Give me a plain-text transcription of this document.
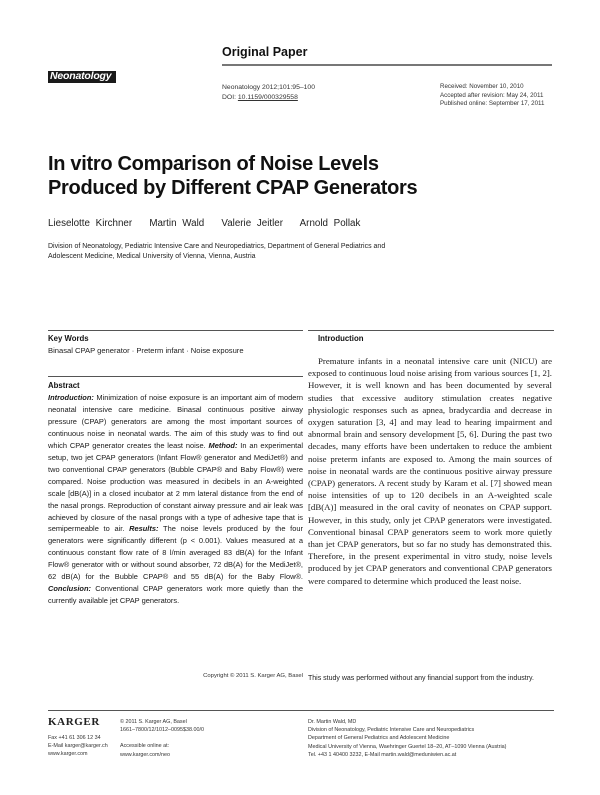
Neonatology
Original Paper
Neonatology 2012;101:95–100
DOI: 10.1159/000329558
Received: November 10, 2010
Accepted after revision: May 24, 2011
Published online: September 17, 2011
In vitro Comparison of Noise Levels
Produced by Different CPAP Generators
Lieselotte Kirchner Martin Wald Valerie Jeitler Arnold Pollak
Division of Neonatology, Pediatric Intensive Care and Neuropediatrics, Department of General Pediatrics and
Adolescent Medicine, Medical University of Vienna, Vienna, Austria
Key Words
Binasal CPAP generator · Preterm infant · Noise exposure
Abstract
Introduction: Minimization of noise exposure is an important aim of modern neonatal intensive care medicine. Binasal continuous positive airway pressure (CPAP) generators are among the most important sources of continuous noise in neonatal wards. The aim of this study was to find out which CPAP generator creates the least noise. Method: In an experimental setup, two jet CPAP generators (Infant Flow® generator and MediJet®) and two conventional CPAP generators (Bubble CPAP® and Baby Flow®) were compared. Noise production was measured in decibels in an A-weighted scale [dB(A)] in a closed incubator at 2 mm lateral distance from the end of the nasal prongs. Reproduction of constant airway pressure and air leak was achieved by closure of the nasal prongs with a type of adhesive tape that is semipermeable to air. Results: The noise levels produced by the four generators were significantly different (p < 0.001). Values measured at a continuous constant flow rate of 8 l/min averaged 83 dB(A) for the Infant Flow® generator with or without sound absorber, 72 dB(A) for the MediJet®, 62 dB(A) for the Bubble CPAP® and 55 dB(A) for the Baby Flow®. Conclusion: Conventional CPAP generators work more quietly than the currently available jet CPAP generators.
Copyright © 2011 S. Karger AG, Basel
Introduction
Premature infants in a neonatal intensive care unit (NICU) are exposed to continuous loud noise arising from various sources [1, 2]. However, it is well known and has been documented by several studies that excessive auditory stimulation creates negative physiologic responses such as apnea, bradycardia and decrease in oxygen saturation [3, 4] and may lead to hearing impairment and abnormal brain and sensory development [5, 6]. During the past two decades, many efforts have been undertaken to reduce the ambient noise preterm infants are exposed to. Among the main sources of noise in neonatal wards are the continuous positive airway pressure (CPAP) generators. A recent study by Karam et al. [7] showed mean noise intensities of up to 120 decibels in an A-weighted scale [dB(A)] measured in the oral cavity of neonates on CPAP support. However, in this study, only jet CPAP generators were investigated. Conventional binasal CPAP generators seem to work more quietly than jet CPAP generators, but so far no study has demonstrated this. Therefore, in the present experimental in vitro study, noise levels produced by jet CPAP generators and conventional CPAP generators were compared to determine which produced the least noise.
This study was performed without any financial support from the industry.
KARGER
Fax +41 61 306 12 34
E-Mail karger@karger.ch
www.karger.com
© 2011 S. Karger AG, Basel
1661–7800/12/1012–0095$38.00/0
Accessible online at:
www.karger.com/neo
Dr. Martin Wald, MD
Division of Neonatology, Pediatric Intensive Care and Neuropediatrics
Department of General Pediatrics and Adolescent Medicine
Medical University of Vienna, Waehringer Guertel 18–20, AT–1090 Vienna (Austria)
Tel. +43 1 40400 3232, E-Mail martin.wald@meduniwien.ac.at
